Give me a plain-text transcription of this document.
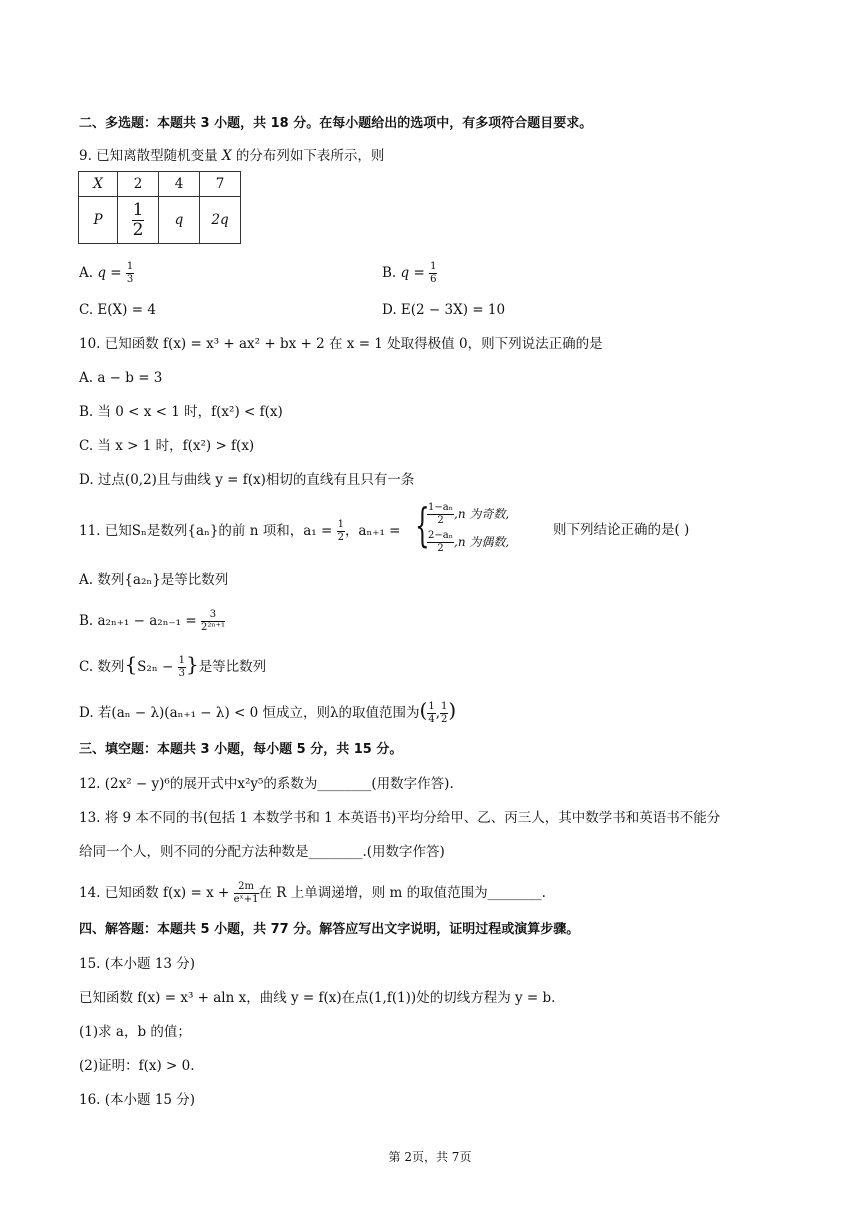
二、多选题：本题共 3 小题，共 18 分。在每小题给出的选项中，有多项符合题目要求。
9. 已知离散型随机变量 X 的分布列如下表所示，则
X	2	4	7
P	$\frac{1}{2}$	q	2q
A. $q = \frac{1}{3}$	B. $q = \frac{1}{6}$
C. E(X) = 4	D. E(2 − 3X) = 10
10. 已知函数 f(x) = x³ + ax² + bx + 2 在 x = 1 处取得极值 0，则下列说法正确的是
A. a − b = 3
B. 当 0 < x < 1 时，f(x²) < f(x)
C. 当 x > 1 时，f(x²) > f(x)
D. 过点(0,2)且与曲线 y = f(x)相切的直线有且只有一条
11. 已知Sₙ是数列{aₙ}的前 n 项和，$a_1 = \frac{1}{2}$ ，aₙ₊₁ = {
$\frac{\text{1−aₙ}}{2} ,n$ 为奇数,
$\frac{\text{2−aₙ}}{2} ,n$ 为偶数,
则下列结论正确的是( )
A. 数列{a₂ₙ}是等比数列
B. $a_{2n+1} - a_{2n-1} = \frac{3}{\text{2²ⁿ⁺¹}}$
C. 数列{$S_{2n} - \frac{1}{3}$ }是等比数列
D. 若(aₙ − λ)(aₙ₊₁ − λ) < 0 恒成立，则λ的取值范围为( $\frac{1}{4}$ , $\frac{1}{2}$ )
三、填空题：本题共 3 小题，每小题 5 分，共 15 分。
12. (2x² − y)⁶的展开式中x²y⁵的系数为________(用数字作答).
13. 将 9 本不同的书(包括 1 本数学书和 1 本英语书)平均分给甲、乙、丙三人，其中数学书和英语书不能分
给同一个人，则不同的分配方法种数是________.(用数字作答)
14. 已知函数 $f(x) = x + \frac{2m}{\text{eˣ+1}}$ 在 R 上单调递增，则 m 的取值范围为________.
四、解答题：本题共 5 小题，共 77 分。解答应写出文字说明，证明过程或演算步骤。
15. (本小题 13 分)
已知函数 f(x) = x³ + aln x，曲线 y = f(x)在点(1,f(1))处的切线方程为 y = b.
(1)求 a，b 的值；
(2)证明：f(x) > 0.
16. (本小题 15 分)
第 2页，共 7页
